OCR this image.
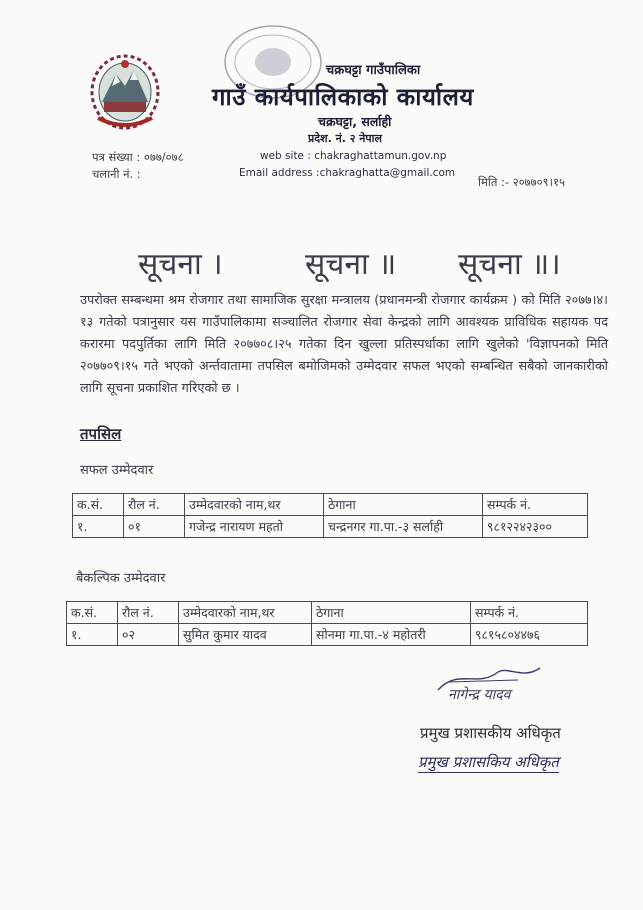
चक्रघट्टा गाउँपालिका
गाउँ कार्यपालिकाको कार्यालय
चक्रघट्टा, सर्लाही
प्रदेश. नं. २ नेपाल
web site : chakraghattamun.gov.np
Email address :chakraghatta@gmail.com
पत्र संख्या : ०७७/०७८
चलानी नं. :
मिति :- २०७७०९।१५
सूचना ।	सूचना ॥ सूचना ॥।
उपरोक्त सम्बन्धमा श्रम रोजगार तथा सामाजिक सुरक्षा मन्त्रालय (प्रधानमन्त्री रोजगार कार्यक्रम ) को मिति २०७७।४।१३ गतेको पत्रानुसार यस गाउँपालिकामा सञ्चालित रोजगार सेवा केन्द्रको लागि आवश्यक प्राविधिक सहायक पद करारमा पदपुर्तिका लागि मिति २०७७०८।२५ गतेका दिन खुल्ला प्रतिस्पर्धाका लागि खुलेको 'विज्ञापनको मिति २०७७०९।१५ गते भएको अर्न्तवातामा तपसिल बमोजिमको उम्मेदवार सफल भएको सम्बन्धित सबैको जानकारीको लागि सूचना प्रकाशित गरिएको छ ।
तपसिल
सफल उम्मेदवार
क.सं.	रौल नं.	उम्मेदवारको नाम,थर	ठेगाना	सम्पर्क नं.
१.	०१	गजेन्द्र नारायण महतो	चन्द्रनगर गा.पा.-३ सर्लाही	९८१२२४२३००
बैकल्पिक उम्मेदवार
क.सं.	रौल नं.	उम्मेदवारको नाम,थर	ठेगाना	सम्पर्क नं.
१.	०२	सुमित कुमार यादव	सोनमा गा.पा.-४ महोतरी	९८१५८०४४७६
नागेन्द्र यादव
प्रमुख प्रशासकीय अधिकृत
प्रमुख प्रशासकिय अधिकृत
